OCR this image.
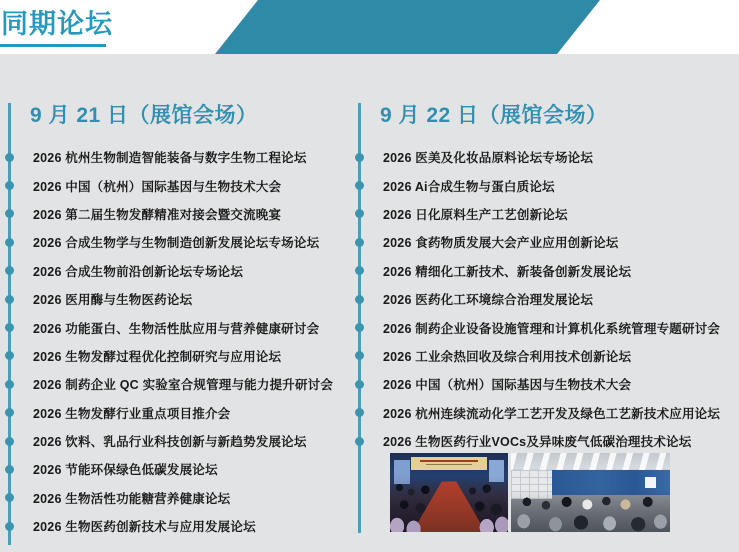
同期论坛
9 月 21 日（展馆会场）
2026 杭州生物制造智能装备与数字生物工程论坛
2026 中国（杭州）国际基因与生物技术大会
2026 第二届生物发酵精准对接会暨交流晚宴
2026 合成生物学与生物制造创新发展论坛专场论坛
2026 合成生物前沿创新论坛专场论坛
2026 医用酶与生物医药论坛
2026 功能蛋白、生物活性肽应用与营养健康研讨会
2026 生物发酵过程优化控制研究与应用论坛
2026 制药企业 QC 实验室合规管理与能力提升研讨会
2026 生物发酵行业重点项目推介会
2026 饮料、乳品行业科技创新与新趋势发展论坛
2026 节能环保绿色低碳发展论坛
2026 生物活性功能糖营养健康论坛
2026 生物医药创新技术与应用发展论坛
9 月 22 日（展馆会场）
2026 医美及化妆品原料论坛专场论坛
2026 Ai合成生物与蛋白质论坛
2026 日化原料生产工艺创新论坛
2026 食药物质发展大会产业应用创新论坛
2026 精细化工新技术、新装备创新发展论坛
2026 医药化工环境综合治理发展论坛
2026 制药企业设备设施管理和计算机化系统管理专题研讨会
2026 工业余热回收及综合利用技术创新论坛
2026 中国（杭州）国际基因与生物技术大会
2026 杭州连续流动化学工艺开发及绿色工艺新技术应用论坛
2026 生物医药行业VOCs及异味废气低碳治理技术论坛
